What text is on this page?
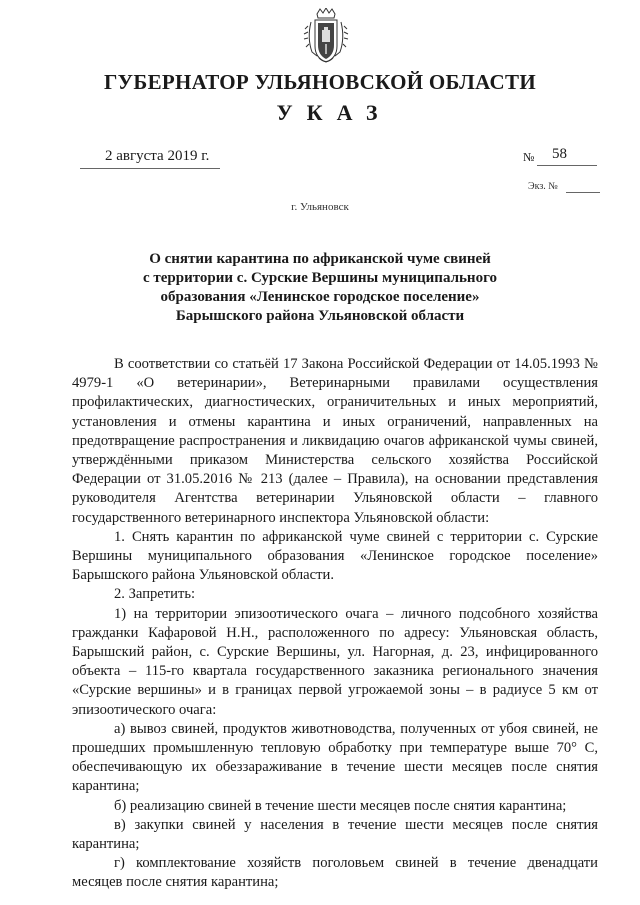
ГУБЕРНАТОР УЛЬЯНОВСКОЙ ОБЛАСТИ
УКАЗ
2 августа 2019 г.	№ 58
Экз. №
г. Ульяновск
О снятии карантина по африканской чуме свиней
с территории с. Сурские Вершины муниципального
образования «Ленинское городское поселение»
Барышского района Ульяновской области

В соответствии со статьёй 17 Закона Российской Федерации от 14.05.1993 № 4979-1 «О ветеринарии», Ветеринарными правилами осуществления профилактических, диагностических, ограничительных и иных мероприятий, установления и отмены карантина и иных ограничений, направленных на предотвращение распространения и ликвидацию очагов африканской чумы свиней, утверждёнными приказом Министерства сельского хозяйства Российской Федерации от 31.05.2016 № 213 (далее – Правила), на основании представления руководителя Агентства ветеринарии Ульяновской области – главного государственного ветеринарного инспектора Ульяновской области:

1. Снять карантин по африканской чуме свиней с территории с. Сурские Вершины муниципального образования «Ленинское городское поселение» Барышского района Ульяновской области.

2. Запретить:

1) на территории эпизоотического очага – личного подсобного хозяйства гражданки Кафаровой Н.Н., расположенного по адресу: Ульяновская область, Барышский район, с. Сурские Вершины, ул. Нагорная, д. 23, инфицированного объекта – 115-го квартала государственного заказника регионального значения «Сурские вершины» и в границах первой угрожаемой зоны – в радиусе 5 км от эпизоотического очага:

а) вывоз свиней, продуктов животноводства, полученных от убоя свиней, не прошедших промышленную тепловую обработку при температуре выше 70° С, обеспечивающую их обеззараживание в течение шести месяцев после снятия карантина;

б) реализацию свиней в течение шести месяцев после снятия карантина;

в) закупки свиней у населения в течение шести месяцев после снятия карантина;

г) комплектование хозяйств поголовьем свиней в течение двенадцати месяцев после снятия карантина;
